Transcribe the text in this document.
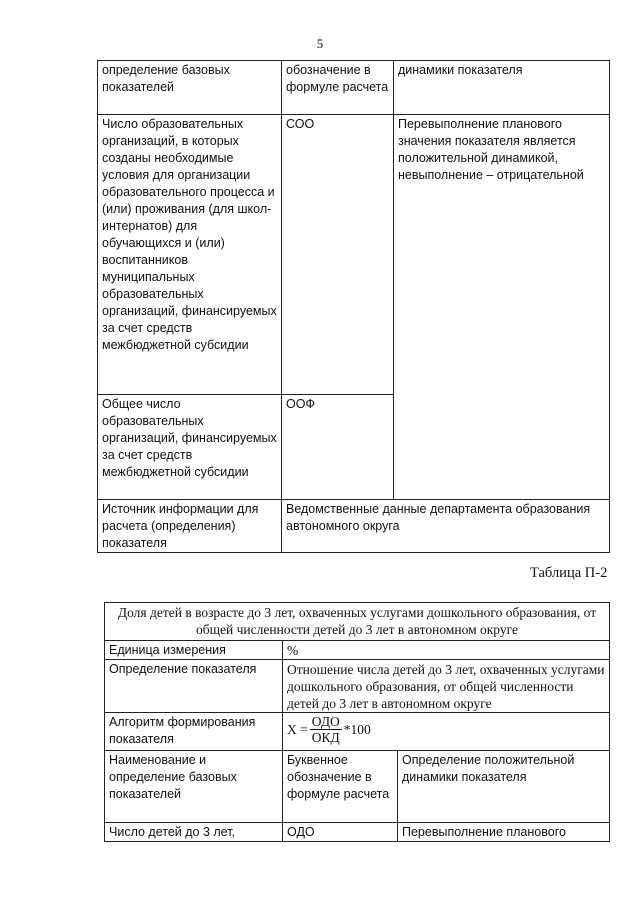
5
определение базовых показателей	обозначение в формуле расчета	динамики показателя
Число образовательных организаций, в которых созданы необходимые условия для организации образовательного процесса и (или) проживания (для школ-интернатов) для обучающихся и (или) воспитанников муниципальных образовательных организаций, финансируемых за счет средств межбюджетной субсидии	СОО	Перевыполнение планового значения показателя является положительной динамикой, невыполнение – отрицательной
Общее число образовательных организаций, финансируемых за счет средств межбюджетной субсидии	ООФ	
Источник информации для расчета (определения) показателя	Ведомственные данные департамента образования автономного округа	
Таблица П-2
Доля детей в возрасте до 3 лет, охваченных услугами дошкольного образования, от общей численности детей до 3 лет в автономном округе		
Единица измерения	%	
Определение показателя	Отношение числа детей до 3 лет, охваченных услугами дошкольного образования, от общей численности детей до 3 лет в автономном округе	
Алгоритм формирования показателя	$X = \frac{\text{ОДО}}{\text{ОКД}} *100$	

Наименование и определение базовых показателей	Буквенное обозначение в формуле расчета	Определение положительной динамики показателя
Число детей до 3 лет,	ОДО	Перевыполнение планового
